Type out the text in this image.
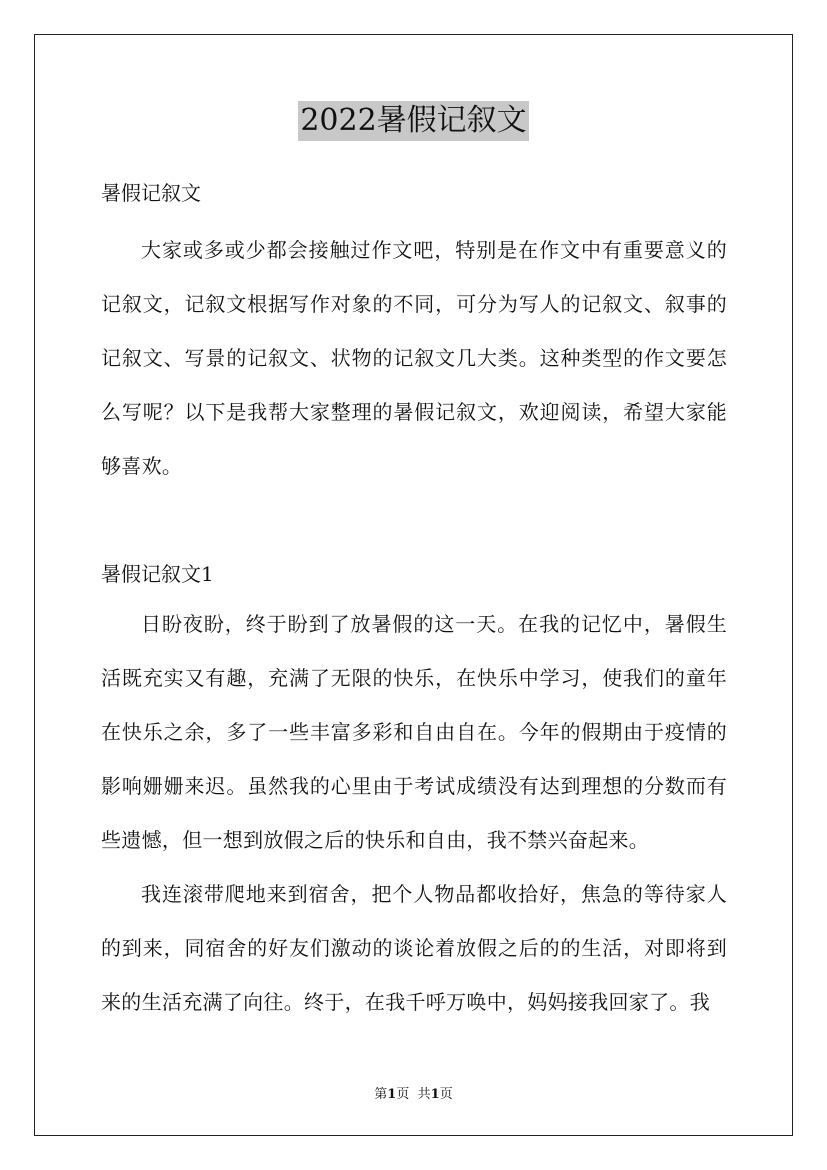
2022暑假记叙文

暑假记叙文

大家或多或少都会接触过作文吧，特别是在作文中有重要意义的记叙文，记叙文根据写作对象的不同，可分为写人的记叙文、叙事的记叙文、写景的记叙文、状物的记叙文几大类。这种类型的作文要怎么写呢？以下是我帮大家整理的暑假记叙文，欢迎阅读，希望大家能够喜欢。

暑假记叙文1

日盼夜盼，终于盼到了放暑假的这一天。在我的记忆中，暑假生活既充实又有趣，充满了无限的快乐，在快乐中学习，使我们的童年在快乐之余，多了一些丰富多彩和自由自在。今年的假期由于疫情的影响姗姗来迟。虽然我的心里由于考试成绩没有达到理想的分数而有些遗憾，但一想到放假之后的快乐和自由，我不禁兴奋起来。

我连滚带爬地来到宿舍，把个人物品都收拾好，焦急的等待家人的到来，同宿舍的好友们激动的谈论着放假之后的的生活，对即将到来的生活充满了向往。终于，在我千呼万唤中，妈妈接我回家了。我

第1页 共1页
